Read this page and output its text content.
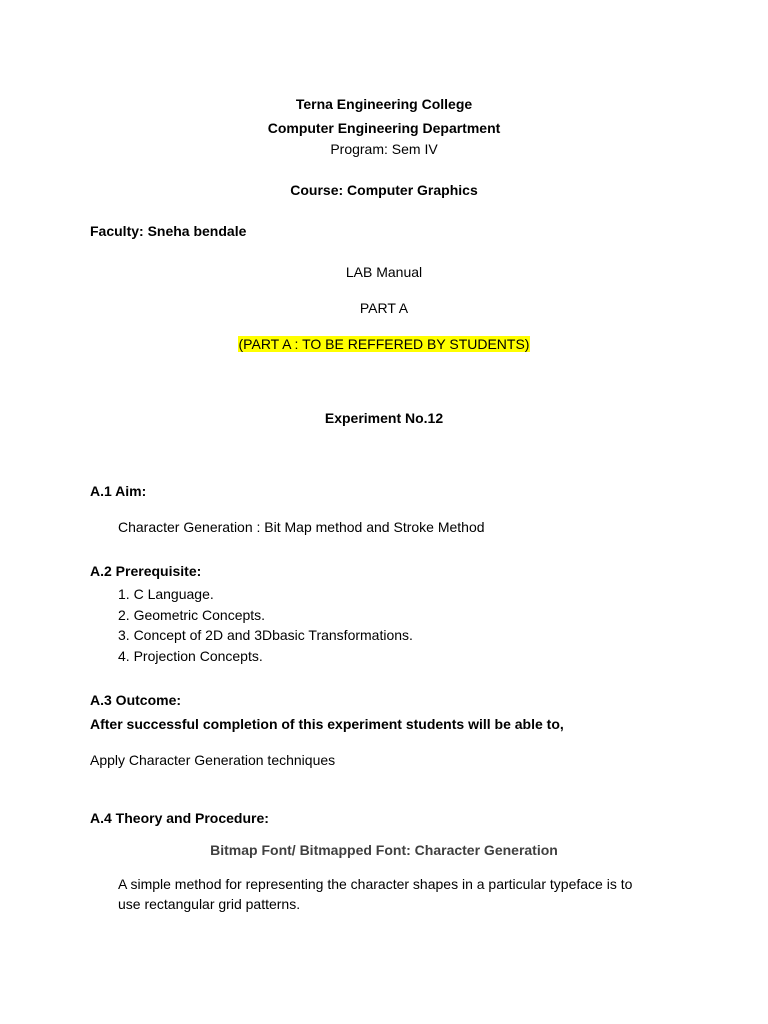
Terna Engineering College
Computer Engineering Department
Program: Sem IV
Course: Computer Graphics
Faculty: Sneha bendale
LAB Manual
PART A
(PART A : TO BE REFFERED BY STUDENTS)
Experiment No.12
A.1 Aim:
Character Generation : Bit Map method and Stroke Method
A.2 Prerequisite:
1. C Language.
2. Geometric Concepts.
3. Concept of 2D and 3Dbasic Transformations.
4. Projection Concepts.
A.3 Outcome:
After successful completion of this experiment students will be able to,
Apply Character Generation techniques
A.4 Theory and Procedure:
Bitmap Font/ Bitmapped Font: Character Generation
A simple method for representing the character shapes in a particular typeface is to
use rectangular grid patterns.
